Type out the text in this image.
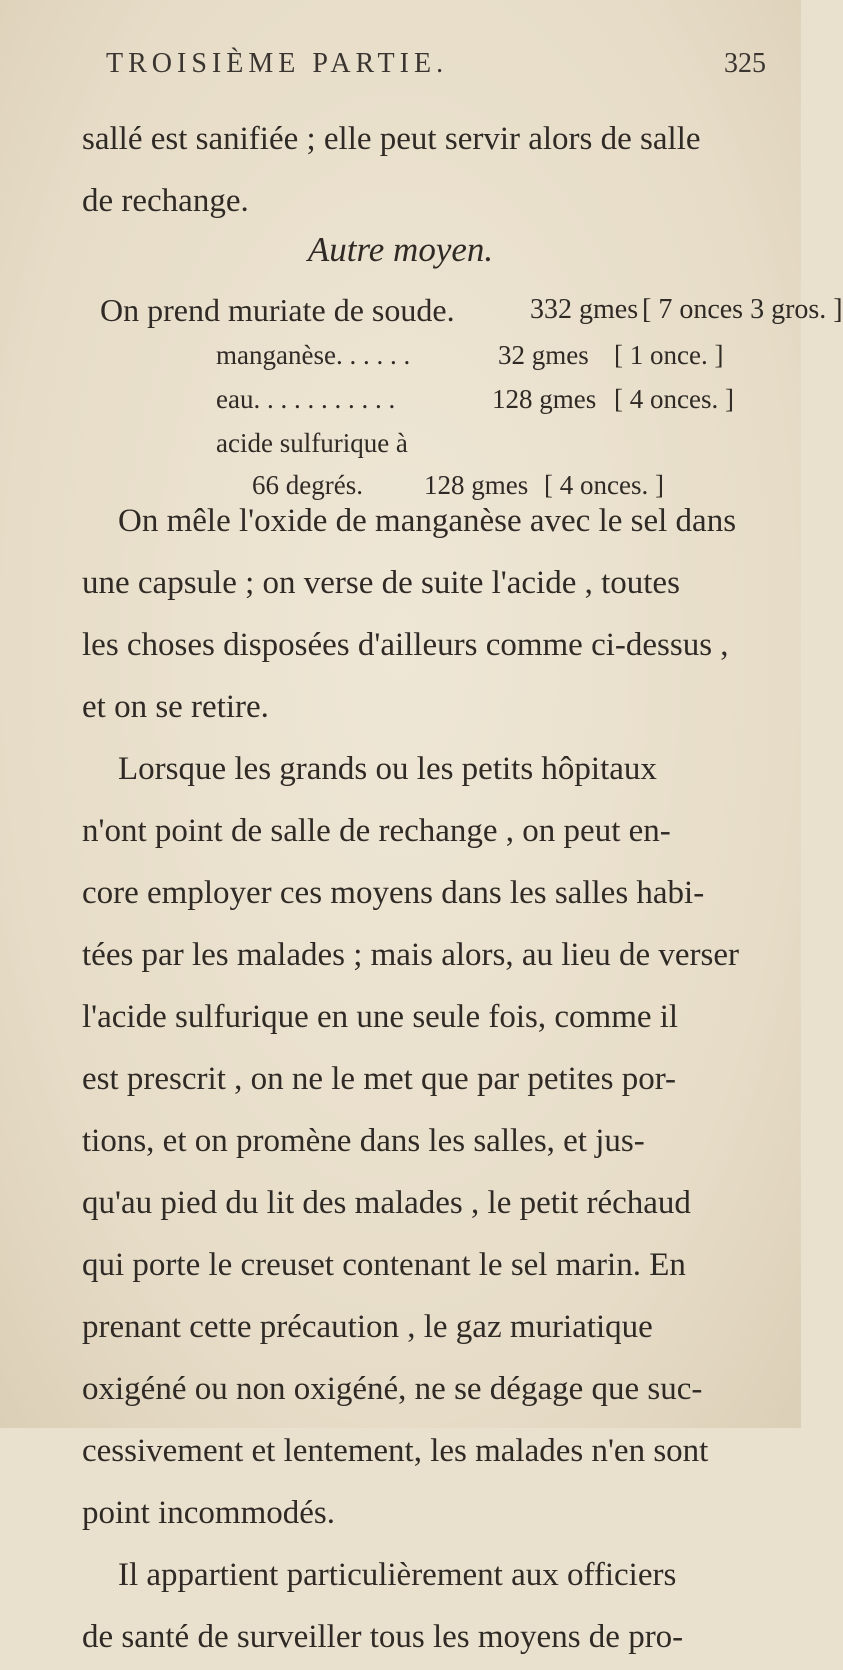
TROISIÈME PARTIE.	325
sallé est sanifiée ; elle peut servir alors de salle
de rechange.
Autre moyen.
On prend muriate de soude.	332 gmes [ 7 onces 3 gros. ]
manganèse. . . . . .	32 gmes [ 1 once. ]
eau. . . . . . . . . . .	128 gmes [ 4 onces. ]
acide sulfurique à
66 degrés. 128 gmes [ 4 onces. ]
On mêle l'oxide de manganèse avec le sel dans
une capsule ; on verse de suite l'acide , toutes
les choses disposées d'ailleurs comme ci-dessus ,
et on se retire.
Lorsque les grands ou les petits hôpitaux
n'ont point de salle de rechange , on peut en-
core employer ces moyens dans les salles habi-
tées par les malades ; mais alors, au lieu de verser
l'acide sulfurique en une seule fois, comme il
est prescrit , on ne le met que par petites por-
tions, et on promène dans les salles, et jus-
qu'au pied du lit des malades , le petit réchaud
qui porte le creuset contenant le sel marin. En
prenant cette précaution , le gaz muriatique
oxigéné ou non oxigéné, ne se dégage que suc-
cessivement et lentement, les malades n'en sont
point incommodés.
Il appartient particulièrement aux officiers
de santé de surveiller tous les moyens de pro-
